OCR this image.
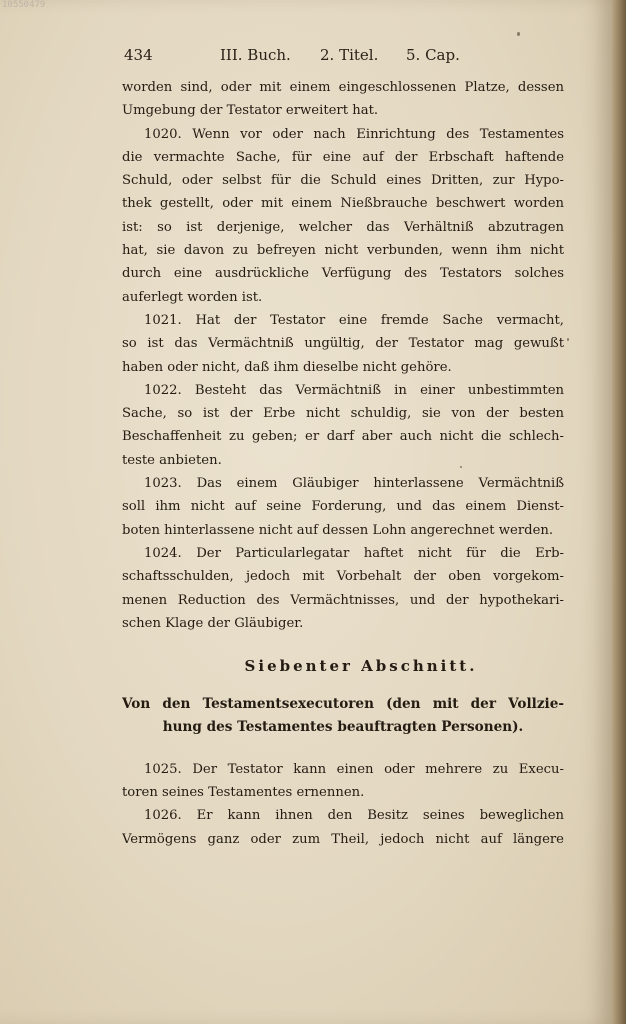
10550479
434	III. Buch. 2. Titel. 5. Cap.
worden sind, oder mit einem eingeschlossenen Platze, dessen
Umgebung der Testator erweitert hat.
1020. Wenn vor oder nach Einrichtung des Testamentes
die vermachte Sache, für eine auf der Erbschaft haftende
Schuld, oder selbst für die Schuld eines Dritten, zur Hypo-
thek gestellt, oder mit einem Nießbrauche beschwert worden
ist: so ist derjenige, welcher das Verhältniß abzutragen
hat, sie davon zu befreyen nicht verbunden, wenn ihm nicht
durch eine ausdrückliche Verfügung des Testators solches
auferlegt worden ist.
1021. Hat der Testator eine fremde Sache vermacht,
so ist das Vermächtniß ungültig, der Testator mag gewußt
haben oder nicht, daß ihm dieselbe nicht gehöre.
1022. Besteht das Vermächtniß in einer unbestimmten
Sache, so ist der Erbe nicht schuldig, sie von der besten
Beschaffenheit zu geben; er darf aber auch nicht die schlech-
teste anbieten.
1023. Das einem Gläubiger hinterlassene Vermächtniß
soll ihm nicht auf seine Forderung, und das einem Dienst-
boten hinterlassene nicht auf dessen Lohn angerechnet werden.
1024. Der Particularlegatar haftet nicht für die Erb-
schaftsschulden, jedoch mit Vorbehalt der oben vorgekom-
menen Reduction des Vermächtnisses, und der hypothekari-
schen Klage der Gläubiger.
Siebenter Abschnitt.
Von den Testamentsexecutoren (den mit der Vollzie-
hung des Testamentes beauftragten Personen).
1025. Der Testator kann einen oder mehrere zu Execu-
toren seines Testamentes ernennen.
1026. Er kann ihnen den Besitz seines beweglichen
Vermögens ganz oder zum Theil, jedoch nicht auf längere
